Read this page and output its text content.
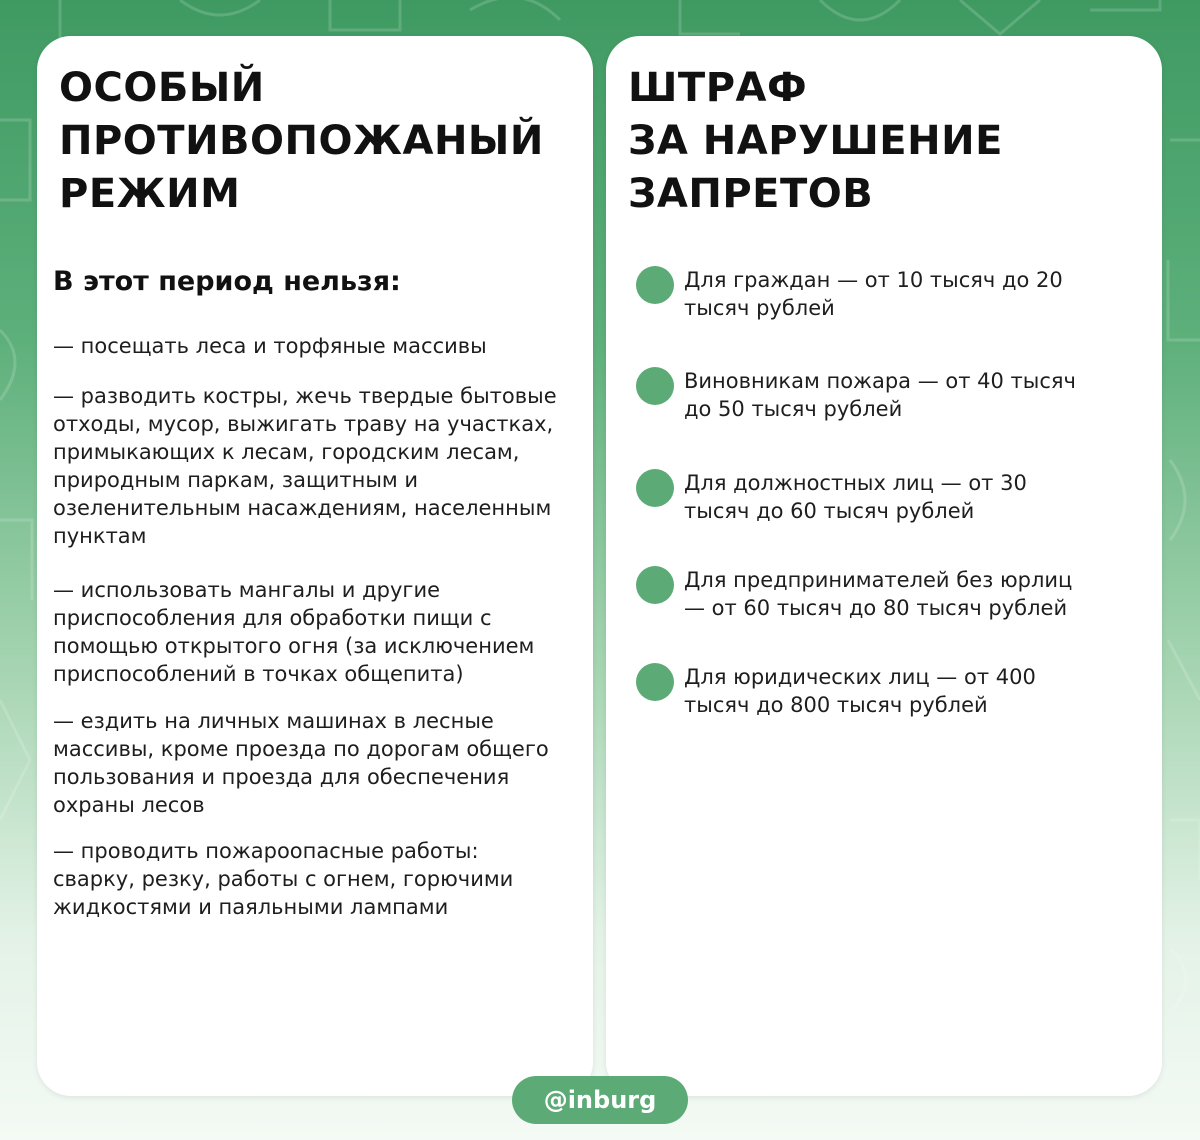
ОСОБЫЙ
ПРОТИВОПОЖАНЫЙ
РЕЖИМ
В этот период нельзя:
— посещать леса и торфяные массивы
— разводить костры, жечь твердые бытовые
отходы, мусор, выжигать траву на участках,
примыкающих к лесам, городским лесам,
природным паркам, защитным и
озеленительным насаждениям, населенным
пунктам
— использовать мангалы и другие
приспособления для обработки пищи с
помощью открытого огня (за исключением
приспособлений в точках общепита)
— ездить на личных машинах в лесные
массивы, кроме проезда по дорогам общего
пользования и проезда для обеспечения
охраны лесов
— проводить пожароопасные работы:
сварку, резку, работы с огнем, горючими
жидкостями и паяльными лампами
ШТРАФ
ЗА НАРУШЕНИЕ
ЗАПРЕТОВ
Для граждан — от 10 тысяч до 20
тысяч рублей
Виновникам пожара — от 40 тысяч
до 50 тысяч рублей
Для должностных лиц — от 30
тысяч до 60 тысяч рублей
Для предпринимателей без юрлиц
— от 60 тысяч до 80 тысяч рублей
Для юридических лиц — от 400
тысяч до 800 тысяч рублей
@inburg
